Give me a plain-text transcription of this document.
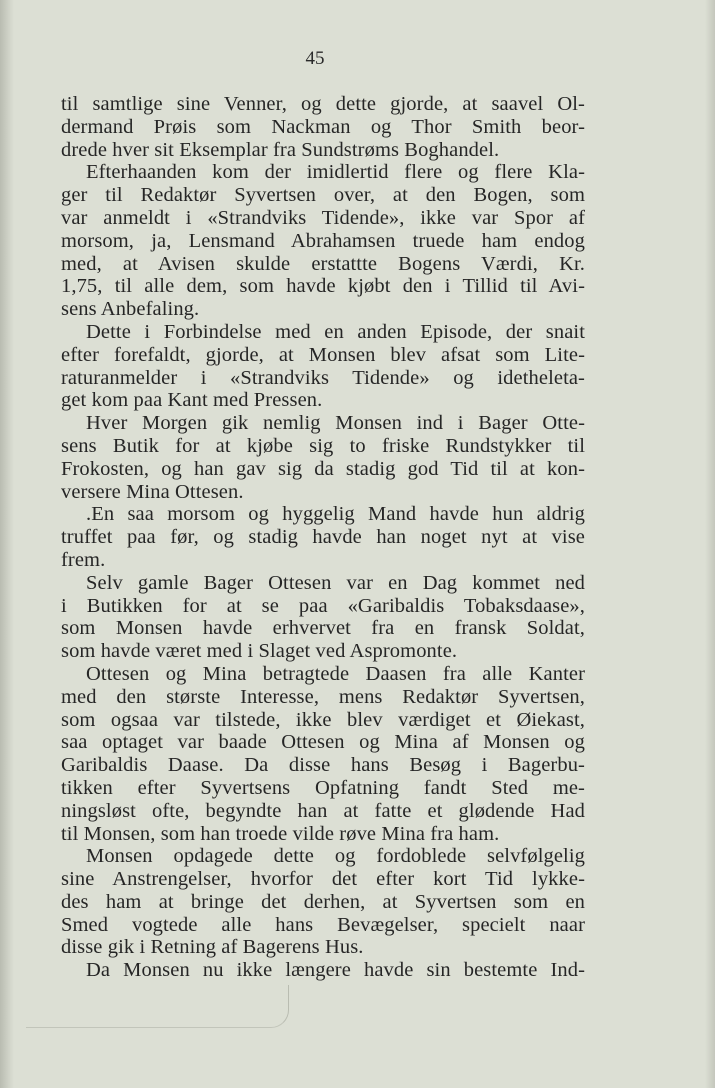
45
til samtlige sine Venner, og dette gjorde, at saavel Ol-
dermand Prøis som Nackman og Thor Smith beor-
drede hver sit Eksemplar fra Sundstrøms Boghandel.
Efterhaanden kom der imidlertid flere og flere Kla-
ger til Redaktør Syvertsen over, at den Bogen, som
var anmeldt i «Strandviks Tidende», ikke var Spor af
morsom, ja, Lensmand Abrahamsen truede ham endog
med, at Avisen skulde erstattte Bogens Værdi, Kr.
1,75, til alle dem, som havde kjøbt den i Tillid til Avi-
sens Anbefaling.
Dette i Forbindelse med en anden Episode, der snait
efter forefaldt, gjorde, at Monsen blev afsat som Lite-
raturanmelder i «Strandviks Tidende» og idetheleta-
get kom paa Kant med Pressen.
Hver Morgen gik nemlig Monsen ind i Bager Otte-
sens Butik for at kjøbe sig to friske Rundstykker til
Frokosten, og han gav sig da stadig god Tid til at kon-
versere Mina Ottesen.
.En saa morsom og hyggelig Mand havde hun aldrig
truffet paa før, og stadig havde han noget nyt at vise
frem.
Selv gamle Bager Ottesen var en Dag kommet ned
i Butikken for at se paa «Garibaldis Tobaksdaase»,
som Monsen havde erhvervet fra en fransk Soldat,
som havde været med i Slaget ved Aspromonte.
Ottesen og Mina betragtede Daasen fra alle Kanter
med den største Interesse, mens Redaktør Syvertsen,
som ogsaa var tilstede, ikke blev værdiget et Øiekast,
saa optaget var baade Ottesen og Mina af Monsen og
Garibaldis Daase. Da disse hans Besøg i Bagerbu-
tikken efter Syvertsens Opfatning fandt Sted me-
ningsløst ofte, begyndte han at fatte et glødende Had
til Monsen, som han troede vilde røve Mina fra ham.
Monsen opdagede dette og fordoblede selvfølgelig
sine Anstrengelser, hvorfor det efter kort Tid lykke-
des ham at bringe det derhen, at Syvertsen som en
Smed vogtede alle hans Bevægelser, specielt naar
disse gik i Retning af Bagerens Hus.
Da Monsen nu ikke længere havde sin bestemte Ind-
